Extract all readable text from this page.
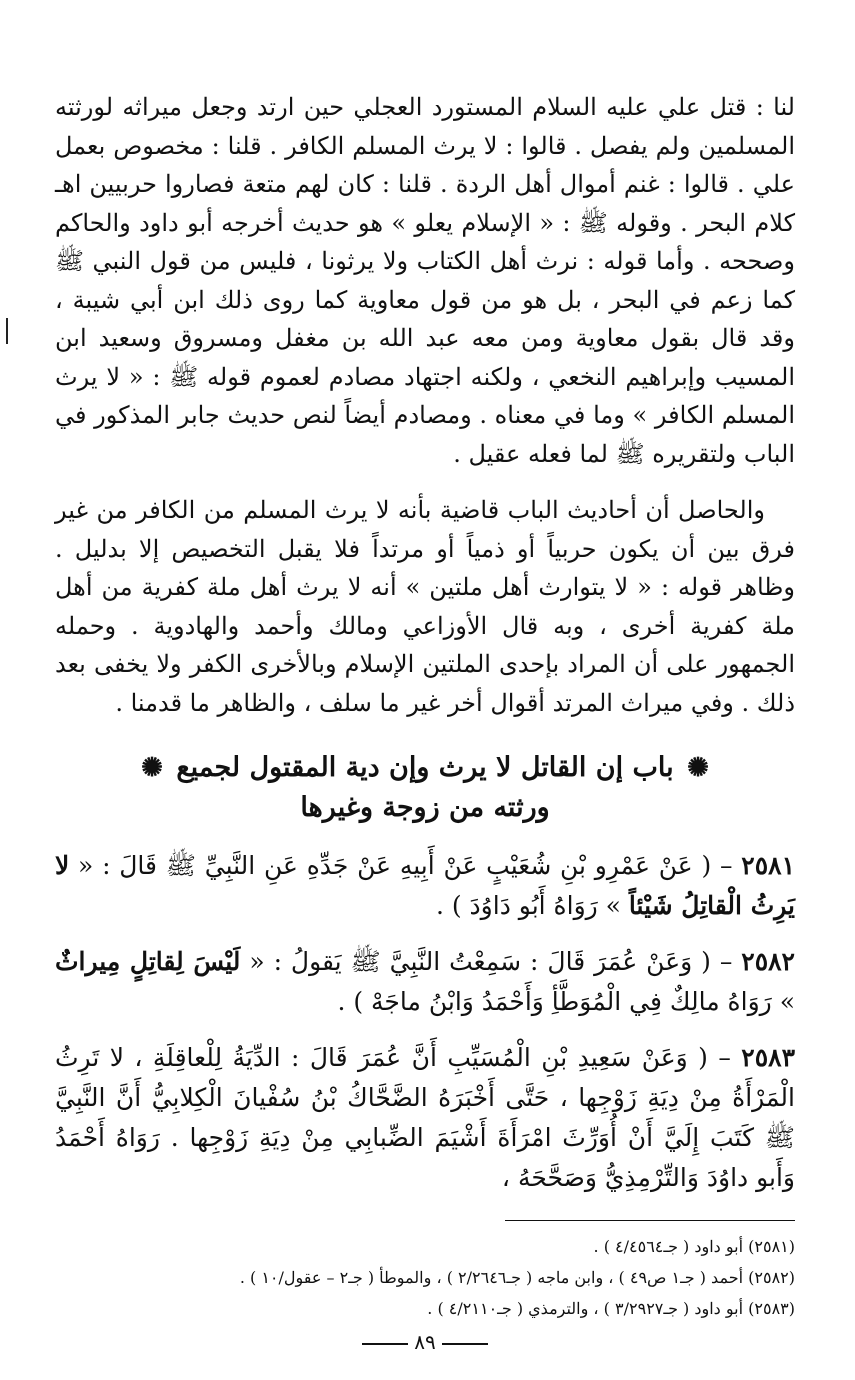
لنا : قتل علي عليه السلام المستورد العجلي حين ارتد وجعل ميراثه لورثته المسلمين ولم يفصل . قالوا : لا يرث المسلم الكافر . قلنا : مخصوص بعمل علي . قالوا : غنم أموال أهل الردة . قلنا : كان لهم متعة فصاروا حربيين اهـ كلام البحر . وقوله ﷺ : « الإسلام يعلو » هو حديث أخرجه أبو داود والحاكم وصححه . وأما قوله : نرث أهل الكتاب ولا يرثونا ، فليس من قول النبي ﷺ كما زعم في البحر ، بل هو من قول معاوية كما روى ذلك ابن أبي شيبة ، وقد قال بقول معاوية ومن معه عبد الله بن مغفل ومسروق وسعيد ابن المسيب وإبراهيم النخعي ، ولكنه اجتهاد مصادم لعموم قوله ﷺ : « لا يرث المسلم الكافر » وما في معناه . ومصادم أيضاً لنص حديث جابر المذكور في الباب ولتقريره ﷺ لما فعله عقيل .

والحاصل أن أحاديث الباب قاضية بأنه لا يرث المسلم من الكافر من غير فرق بين أن يكون حربياً أو ذمياً أو مرتداً فلا يقبل التخصيص إلا بدليل . وظاهر قوله : « لا يتوارث أهل ملتين » أنه لا يرث أهل ملة كفرية من أهل ملة كفرية أخرى ، وبه قال الأوزاعي ومالك وأحمد والهادوية . وحمله الجمهور على أن المراد بإحدى الملتين الإسلام وبالأخرى الكفر ولا يخفى بعد ذلك . وفي ميراث المرتد أقوال أخر غير ما سلف ، والظاهر ما قدمنا .

✺ باب إن القاتل لا يرث وإن دية المقتول لجميع ✺
ورثته من زوجة وغيرها

٢٥٨١ – ( عَنْ عَمْرِو بْنِ شُعَيْبٍ عَنْ أَبِيهِ عَنْ جَدِّهِ عَنِ النَّبِيِّ ﷺ قَالَ : « لا يَرِثُ الْقاتِلُ شَيْئاً » رَوَاهُ أَبُو دَاوُدَ ) .

٢٥٨٢ – ( وَعَنْ عُمَرَ قَالَ : سَمِعْتُ النَّبِيَّ ﷺ يَقولُ : « لَيْسَ لِقاتِلٍ مِيراثٌ » رَوَاهُ مالِكٌ فِي الْمُوَطَّأِ وَأَحْمَدُ وَابْنُ ماجَهْ ) .

٢٥٨٣ – ( وَعَنْ سَعِيدِ بْنِ الْمُسَيِّبِ أَنَّ عُمَرَ قَالَ : الدِّيَةُ لِلْعاقِلَةِ ، لا تَرِثُ الْمَرْأَةُ مِنْ دِيَةِ زَوْجِها ، حَتَّى أَخْبَرَهُ الضَّحَّاكُ بْنُ سُفْيانَ الْكِلابِيُّ أَنَّ النَّبِيَّ ﷺ كَتَبَ إِلَيَّ أَنْ أُوَرِّثَ امْرَأَةَ أَشْيَمَ الضِّبابِي مِنْ دِيَةِ زَوْجِها . رَوَاهُ أَحْمَدُ وَأَبو داوُدَ وَالتِّرْمِذِيُّ وَصَحَّحَهُ ،

(٢٥٨١) أبو داود ( جـ٤/٤٥٦٤ ) .

(٢٥٨٢) أحمد ( جـ١ ص٤٩ ) ، وابن ماجه ( جـ٢/٢٦٤٦ ) ، والموطأ ( جـ٢ – عقول/١٠ ) .

(٢٥٨٣) أبو داود ( جـ٣/٢٩٢٧ ) ، والترمذي ( جـ٤/٢١١٠ ) .

٨٩
